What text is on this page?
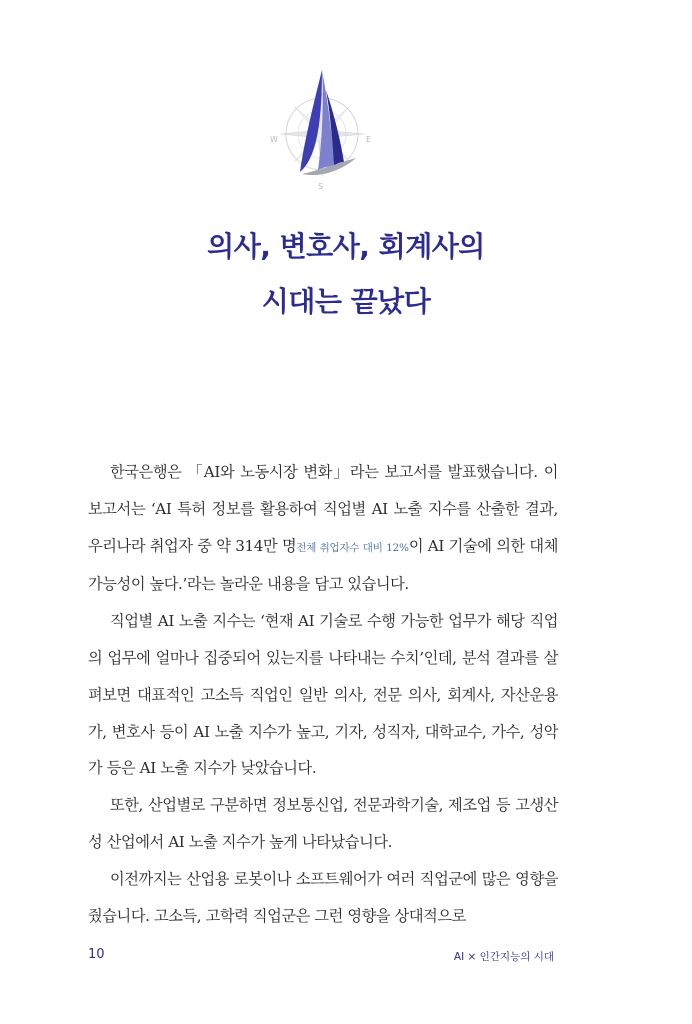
W	E
S
의사, 변호사, 회계사의
시대는 끝났다

한국은행은 「AI와 노동시장 변화」라는 보고서를 발표했습니다. 이 보고서는 ‘AI 특허 정보를 활용하여 직업별 AI 노출 지수를 산출한 결과, 우리나라 취업자 중 약 314만 명전체 취업자수 대비 12%이 AI 기술에 의한 대체 가능성이 높다.’라는 놀라운 내용을 담고 있습니다.

직업별 AI 노출 지수는 ‘현재 AI 기술로 수행 가능한 업무가 해당 직업의 업무에 얼마나 집중되어 있는지를 나타내는 수치’인데, 분석 결과를 살펴보면 대표적인 고소득 직업인 일반 의사, 전문 의사, 회계사, 자산운용가, 변호사 등이 AI 노출 지수가 높고, 기자, 성직자, 대학교수, 가수, 성악가 등은 AI 노출 지수가 낮았습니다.

또한, 산업별로 구분하면 정보통신업, 전문과학기술, 제조업 등 고생산성 산업에서 AI 노출 지수가 높게 나타났습니다.

이전까지는 산업용 로봇이나 소프트웨어가 여러 직업군에 많은 영향을 줬습니다. 고소득, 고학력 직업군은 그런 영향을 상대적으로

10	AI × 인간지능의 시대
